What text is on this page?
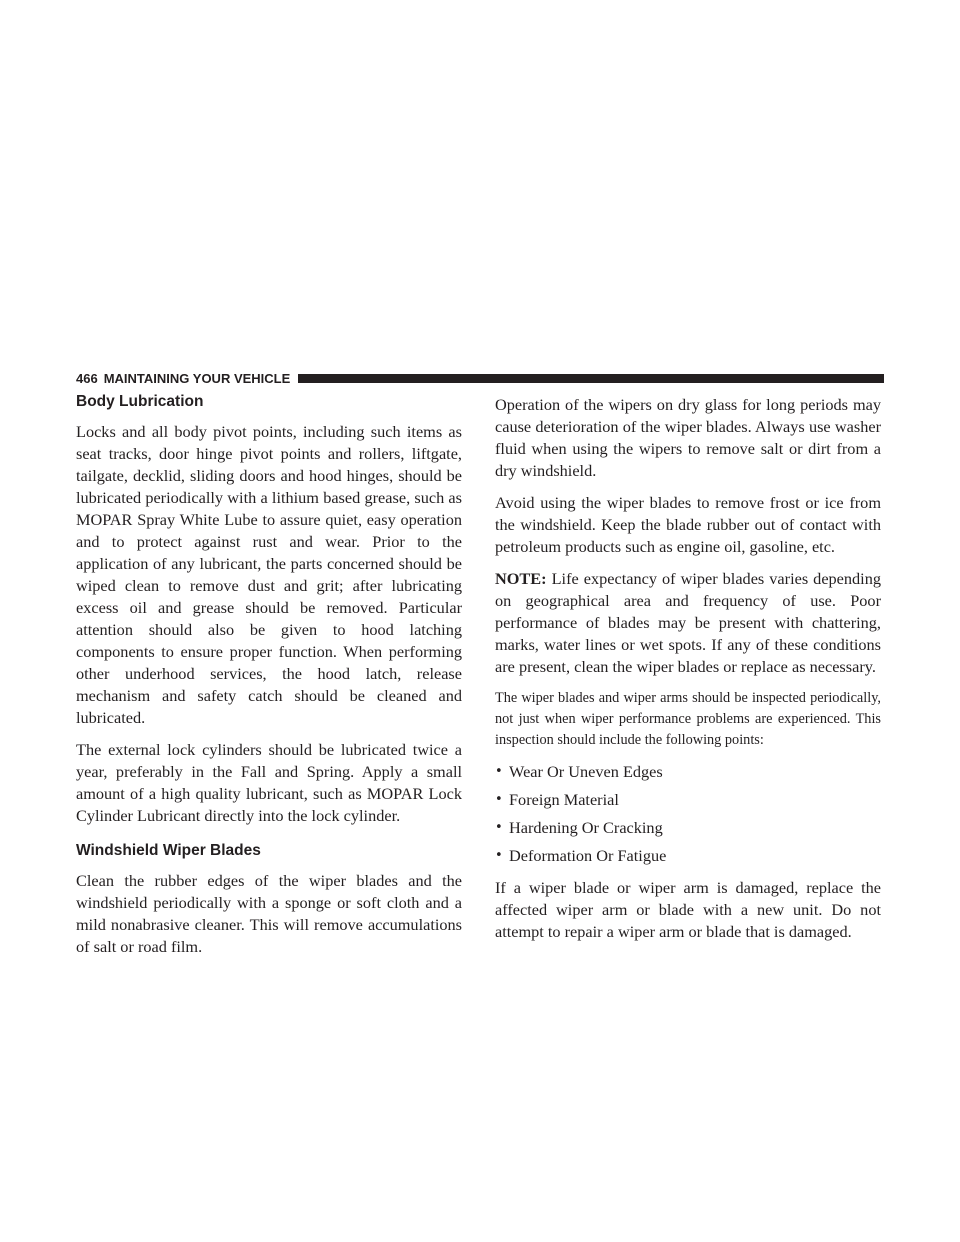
466 MAINTAINING YOUR VEHICLE
Body Lubrication

Locks and all body pivot points, including such items as seat tracks, door hinge pivot points and rollers, liftgate, tailgate, decklid, sliding doors and hood hinges, should be lubricated periodically with a lithium based grease, such as MOPAR Spray White Lube to assure quiet, easy operation and to protect against rust and wear. Prior to the application of any lubricant, the parts concerned should be wiped clean to remove dust and grit; after lubricating excess oil and grease should be removed. Particular attention should also be given to hood latching components to ensure proper function. When performing other underhood services, the hood latch, release mechanism and safety catch should be cleaned and lubricated.

The external lock cylinders should be lubricated twice a year, preferably in the Fall and Spring. Apply a small amount of a high quality lubricant, such as MOPAR Lock Cylinder Lubricant directly into the lock cylinder.

Windshield Wiper Blades

Clean the rubber edges of the wiper blades and the windshield periodically with a sponge or soft cloth and a mild nonabrasive cleaner. This will remove accumulations of salt or road film.

Operation of the wipers on dry glass for long periods may cause deterioration of the wiper blades. Always use washer fluid when using the wipers to remove salt or dirt from a dry windshield.

Avoid using the wiper blades to remove frost or ice from the windshield. Keep the blade rubber out of contact with petroleum products such as engine oil, gasoline, etc.

NOTE: Life expectancy of wiper blades varies depending on geographical area and frequency of use. Poor performance of blades may be present with chattering, marks, water lines or wet spots. If any of these conditions are present, clean the wiper blades or replace as necessary.

The wiper blades and wiper arms should be inspected periodically, not just when wiper performance problems are experienced. This inspection should include the following points:

• Wear Or Uneven Edges
• Foreign Material
• Hardening Or Cracking
• Deformation Or Fatigue

If a wiper blade or wiper arm is damaged, replace the affected wiper arm or blade with a new unit. Do not attempt to repair a wiper arm or blade that is damaged.
